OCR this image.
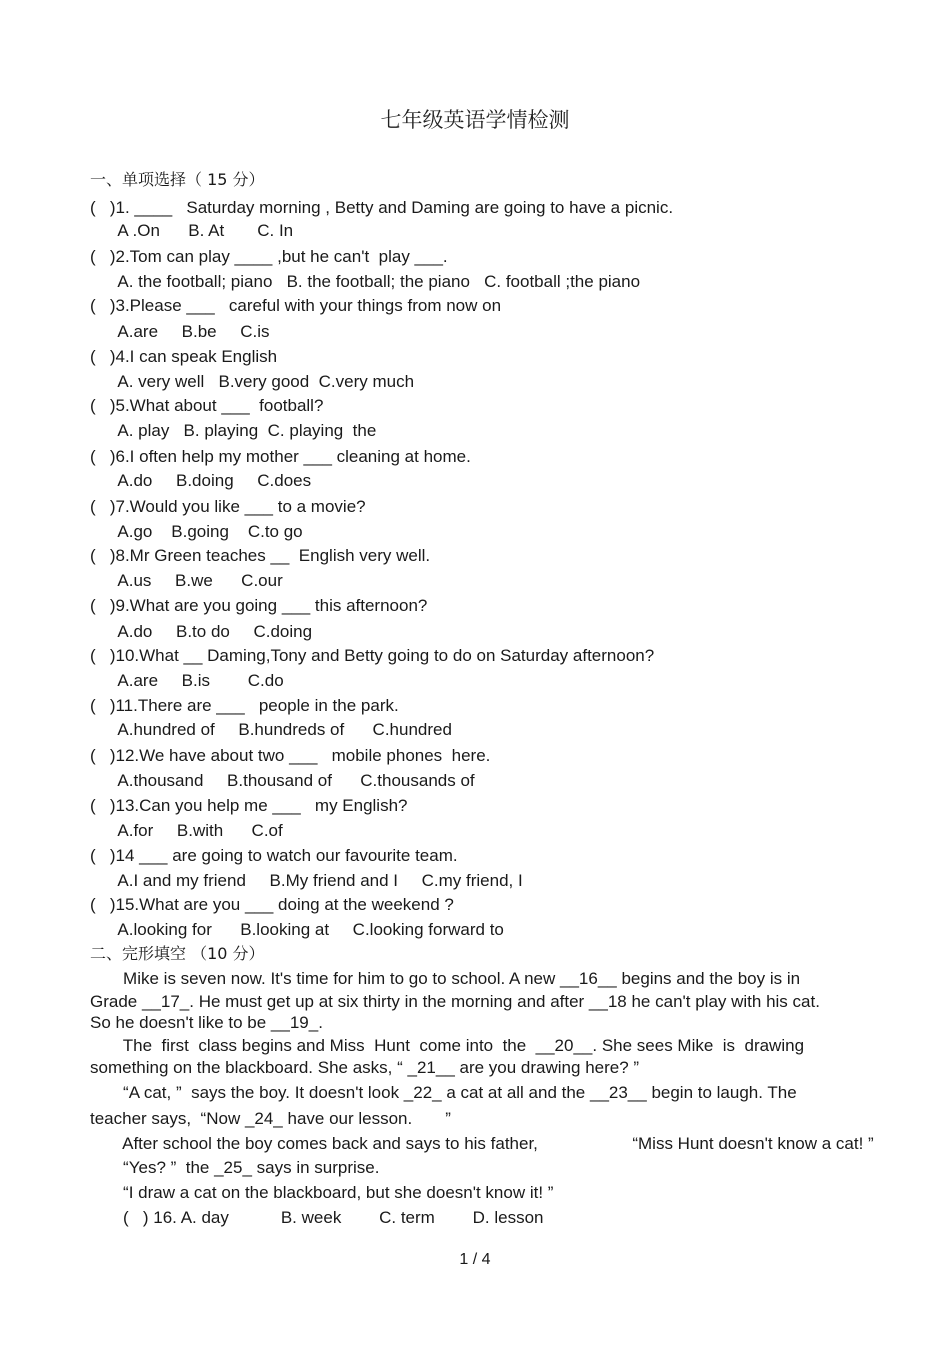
七年级英语学情检测
一、单项选择（ 15 分）
(   )1. ____   Saturday morning , Betty and Daming are going to have a picnic.
A .On      B. At       C. In
(   )2.Tom can play ____ ,but he can't  play ___.
A. the football; piano   B. the football; the piano   C. football ;the piano
(   )3.Please ___   careful with your things from now on
A.are     B.be     C.is
(   )4.I can speak English
A. very well   B.very good  C.very much
(   )5.What about ___  football?
A. play   B. playing  C. playing  the
(   )6.I often help my mother ___ cleaning at home.
A.do     B.doing     C.does
(   )7.Would you like ___ to a movie?
A.go    B.going    C.to go
(   )8.Mr Green teaches __  English very well.
A.us     B.we      C.our
(   )9.What are you going ___ this afternoon?
A.do     B.to do     C.doing
(   )10.What __ Daming,Tony and Betty going to do on Saturday afternoon?
A.are     B.is        C.do
(   )11.There are ___   people in the park.
A.hundred of     B.hundreds of      C.hundred
(   )12.We have about two ___   mobile phones  here.
A.thousand     B.thousand of      C.thousands of
(   )13.Can you help me ___   my English?
A.for     B.with      C.of
(   )14 ___ are going to watch our favourite team.
A.I and my friend     B.My friend and I     C.my friend, I
(   )15.What are you ___ doing at the weekend ?
A.looking for      B.looking at     C.looking forward to
二、完形填空 （10 分）
Mike is seven now. It's time for him to go to school. A new __16__ begins and the boy is in
Grade __17_. He must get up at six thirty in the morning and after __18 he can't play with his cat.
So he doesn't like to be __19_.
The  first  class begins and Miss  Hunt  come into  the  __20__. She sees Mike  is  drawing
something on the blackboard. She asks, “ _21__ are you drawing here? ”
“A cat, ”  says the boy. It doesn't look _22_ a cat at all and the __23__ begin to laugh. The
teacher says,  “Now _24_ have our lesson.       ”
After school the boy comes back and says to his father,                    “Miss Hunt doesn't know a cat! ”
“Yes? ”  the _25_ says in surprise.
“I draw a cat on the blackboard, but she doesn't know it! ”
(   ) 16. A. day           B. week        C. term        D. lesson
1 / 4
